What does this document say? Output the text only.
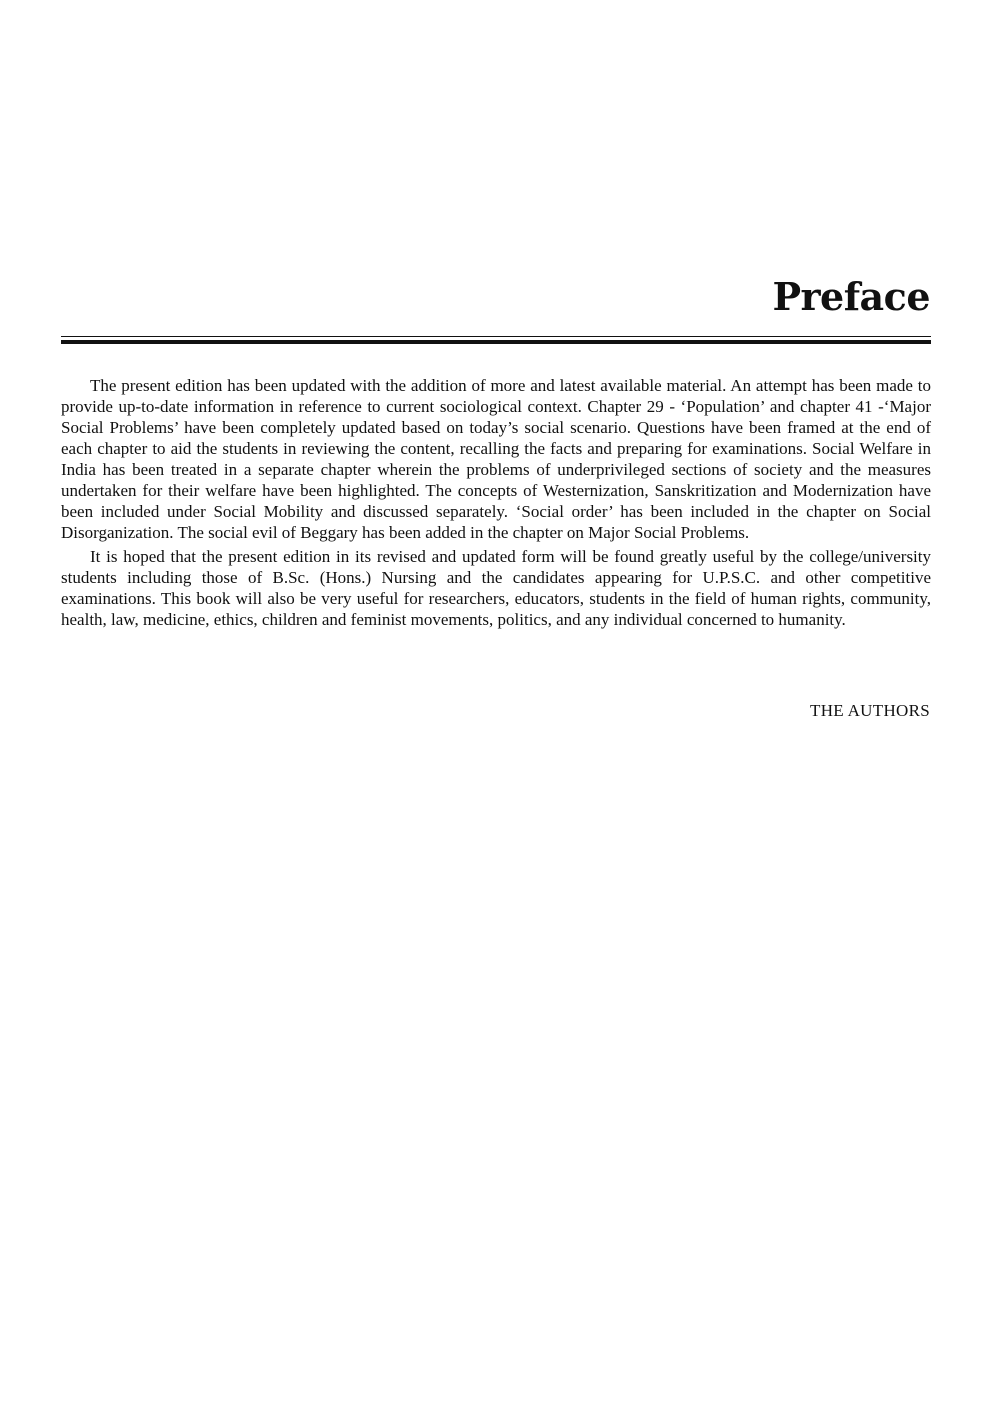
Preface

The present edition has been updated with the addition of more and latest available material. An attempt has been made to provide up-to-date information in reference to current sociological context. Chapter 29 - ‘Population’ and chapter 41 -‘Major Social Problems’ have been completely updated based on today’s social scenario. Questions have been framed at the end of each chapter to aid the students in reviewing the content, recalling the facts and preparing for examinations. Social Welfare in India has been treated in a separate chapter wherein the problems of underprivileged sections of society and the measures undertaken for their welfare have been highlighted. The concepts of Westernization, Sanskritization and Modernization have been included under Social Mobility and discussed separately. ‘Social order’ has been included in the chapter on Social Disorganization. The social evil of Beggary has been added in the chapter on Major Social Problems.

It is hoped that the present edition in its revised and updated form will be found greatly useful by the college/university students including those of B.Sc. (Hons.) Nursing and the candidates appearing for U.P.S.C. and other competitive examinations. This book will also be very useful for researchers, educators, students in the field of human rights, community, health, law, medicine, ethics, children and feminist movements, politics, and any individual concerned to humanity.

THE AUTHORS
